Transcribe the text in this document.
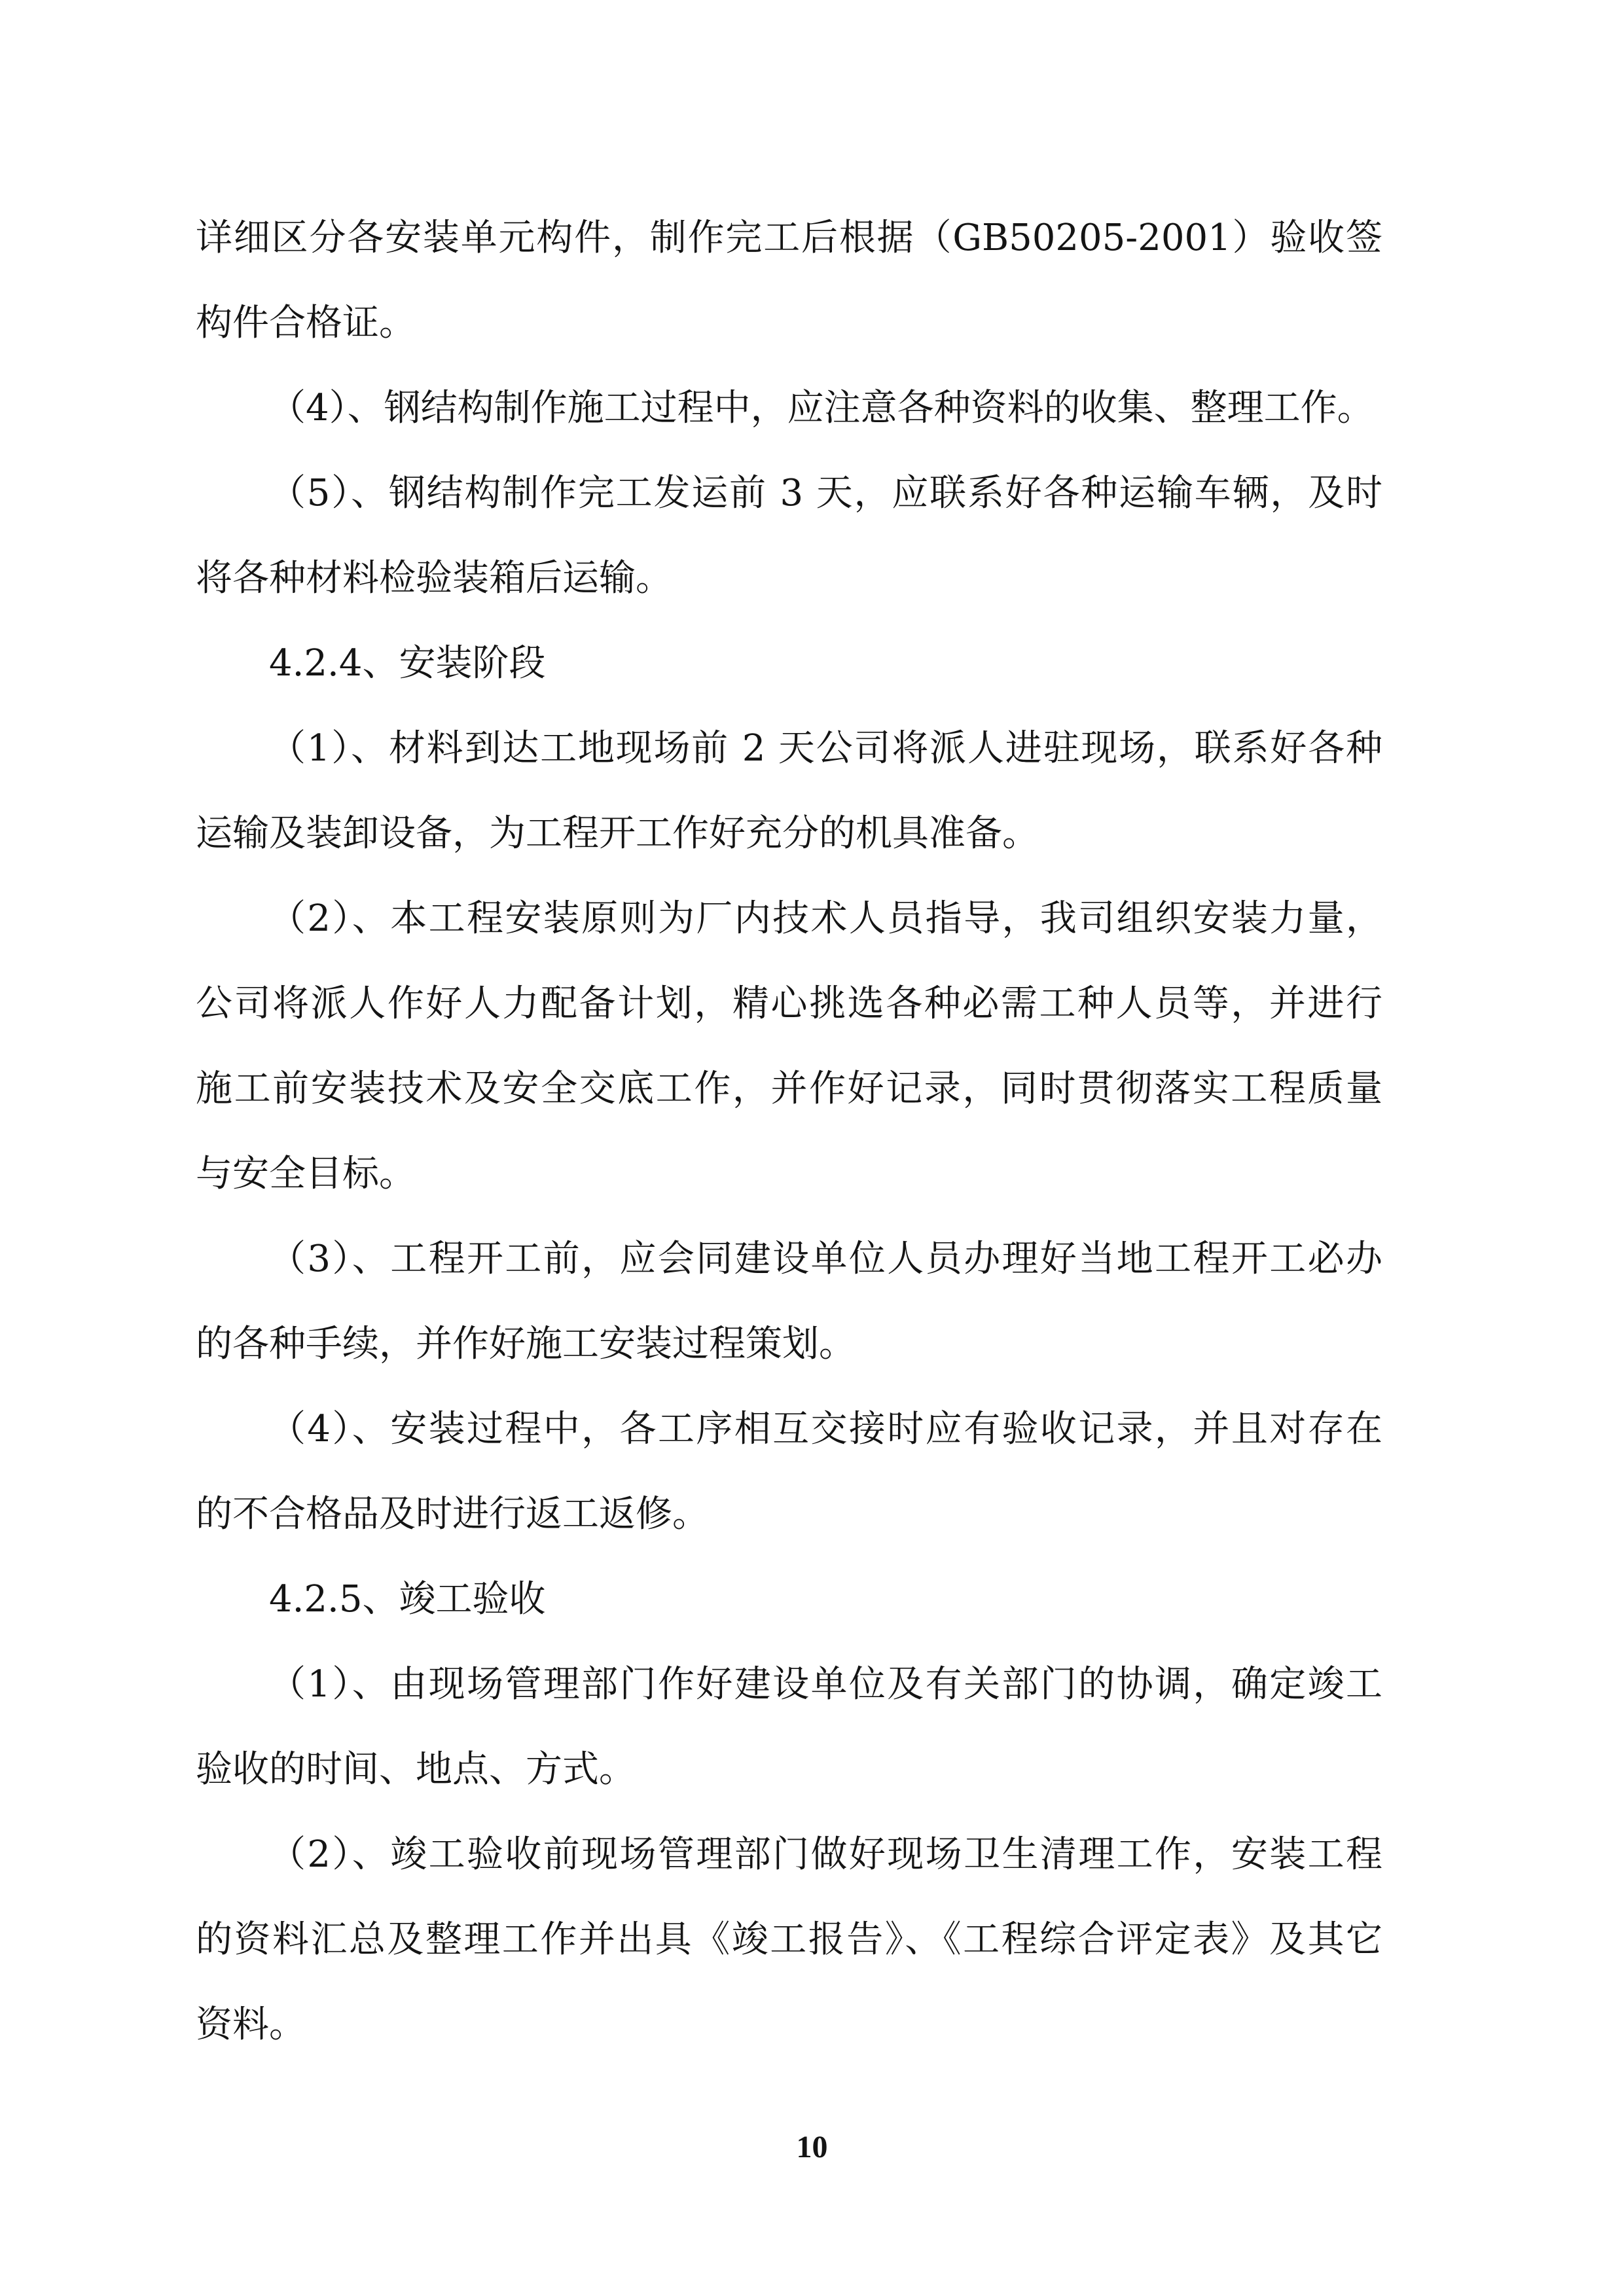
详细区分各安装单元构件，制作完工后根据（GB50205-2001）验收签
构件合格证。
（4）、钢结构制作施工过程中，应注意各种资料的收集、整理工作。
（5）、钢结构制作完工发运前 3 天，应联系好各种运输车辆，及时
将各种材料检验装箱后运输。
4.2.4、安装阶段
（1）、材料到达工地现场前 2 天公司将派人进驻现场，联系好各种
运输及装卸设备，为工程开工作好充分的机具准备。
（2）、本工程安装原则为厂内技术人员指导，我司组织安装力量，
公司将派人作好人力配备计划，精心挑选各种必需工种人员等，并进行
施工前安装技术及安全交底工作，并作好记录，同时贯彻落实工程质量
与安全目标。
（3）、工程开工前，应会同建设单位人员办理好当地工程开工必办
的各种手续，并作好施工安装过程策划。
（4）、安装过程中，各工序相互交接时应有验收记录，并且对存在
的不合格品及时进行返工返修。
4.2.5、竣工验收
（1）、由现场管理部门作好建设单位及有关部门的协调，确定竣工
验收的时间、地点、方式。
（2）、竣工验收前现场管理部门做好现场卫生清理工作，安装工程
的资料汇总及整理工作并出具《竣工报告》、《工程综合评定表》及其它
资料。
10
